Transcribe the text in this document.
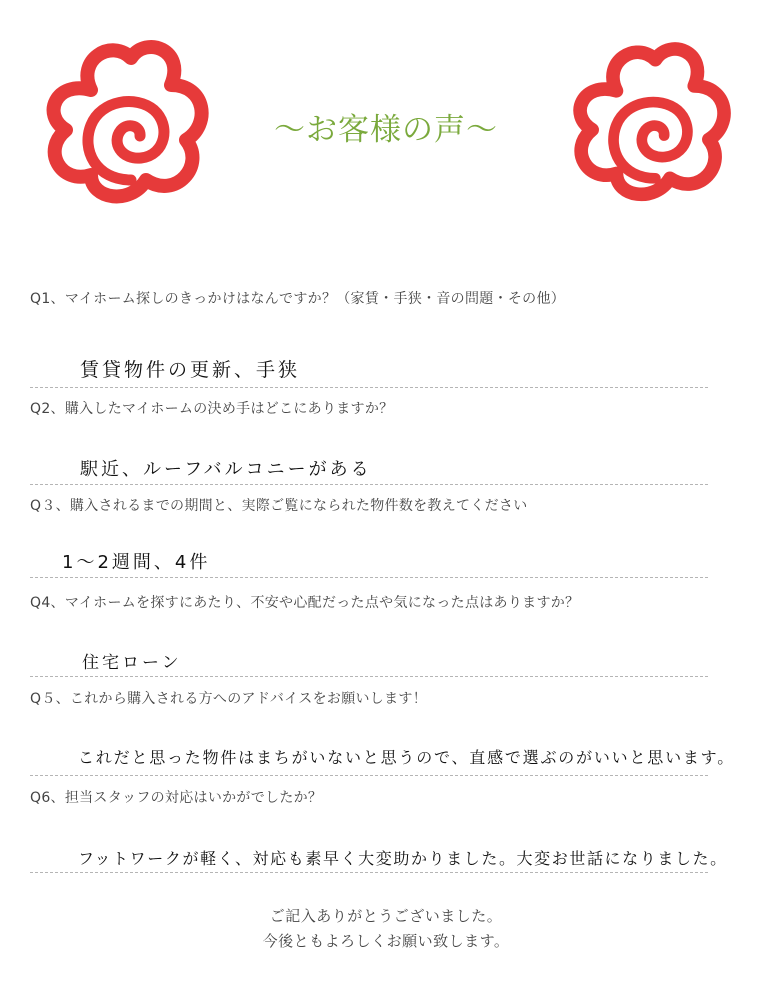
〜お客様の声〜
Q1、マイホーム探しのきっかけはなんですか？（家賃・手狭・音の問題・その他）
賃貸物件の更新、手狭
Q2、購入したマイホームの決め手はどこにありますか？
駅近、ルーフバルコニーがある
Q３、購入されるまでの期間と、実際ご覧になられた物件数を教えてください
1〜2週間、4件
Q4、マイホームを探すにあたり、不安や心配だった点や気になった点はありますか？
住宅ローン
Q５、これから購入される方へのアドバイスをお願いします！
これだと思った物件はまちがいないと思うので、直感で選ぶのがいいと思います。
Q6、担当スタッフの対応はいかがでしたか？
フットワークが軽く、対応も素早く大変助かりました。大変お世話になりました。
ご記入ありがとうございました。
今後ともよろしくお願い致します。
